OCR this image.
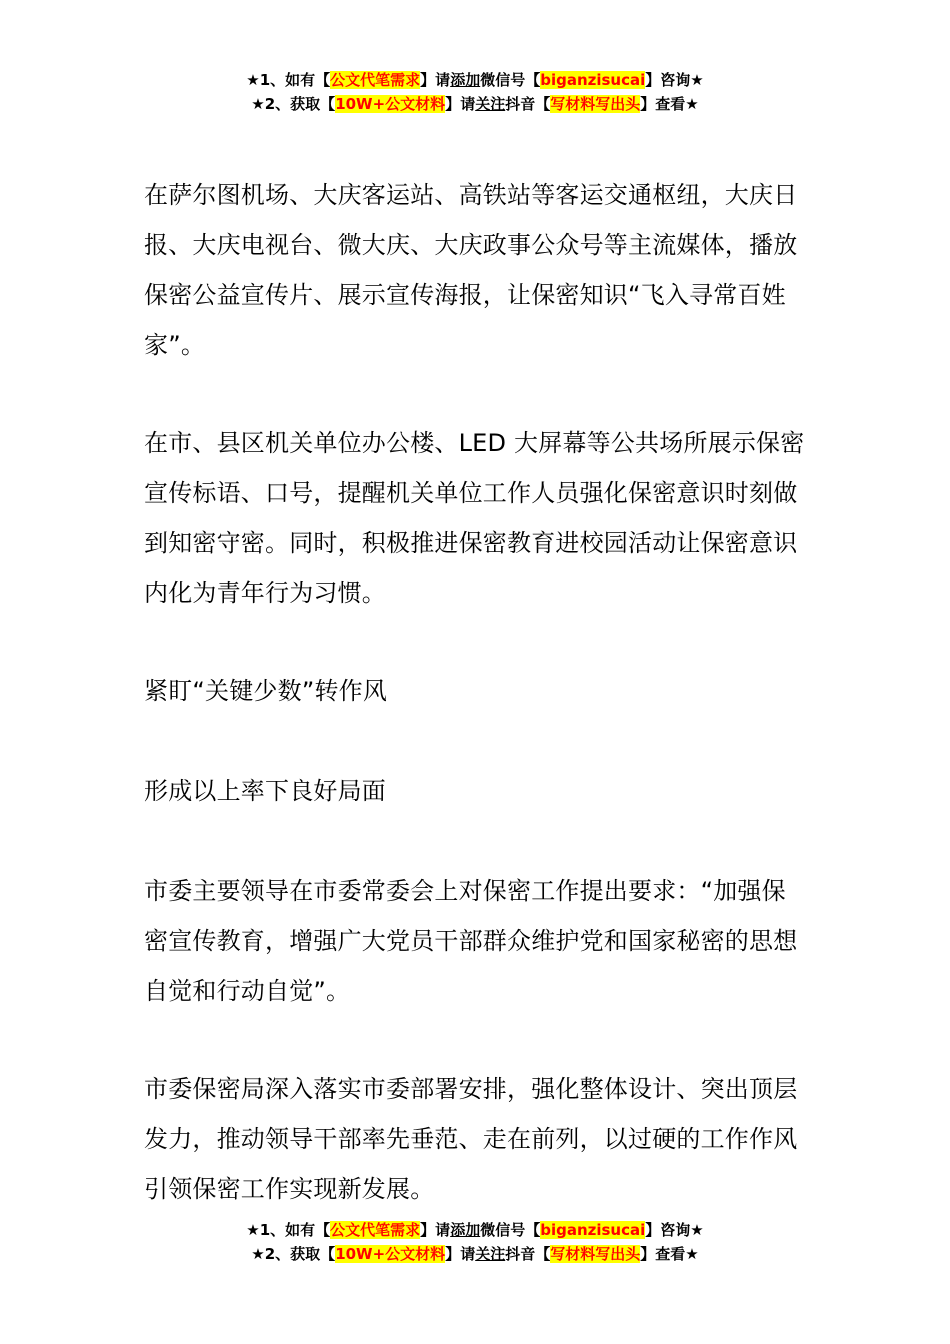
★1、如有【公文代笔需求】请添加微信号【biganzisucai】咨询★
★2、获取【10W+公文材料】请关注抖音【写材料写出头】查看★

在萨尔图机场、大庆客运站、高铁站等客运交通枢纽，大庆日报、大庆电视台、微大庆、大庆政事公众号等主流媒体，播放保密公益宣传片、展示宣传海报，让保密知识“飞入寻常百姓家”。

在市、县区机关单位办公楼、LED 大屏幕等公共场所展示保密宣传标语、口号，提醒机关单位工作人员强化保密意识时刻做到知密守密。同时，积极推进保密教育进校园活动让保密意识内化为青年行为习惯。

紧盯“关键少数”转作风

形成以上率下良好局面

市委主要领导在市委常委会上对保密工作提出要求：“加强保密宣传教育，增强广大党员干部群众维护党和国家秘密的思想自觉和行动自觉”。

市委保密局深入落实市委部署安排，强化整体设计、突出顶层发力，推动领导干部率先垂范、走在前列，以过硬的工作作风引领保密工作实现新发展。

★1、如有【公文代笔需求】请添加微信号【biganzisucai】咨询★
★2、获取【10W+公文材料】请关注抖音【写材料写出头】查看★
